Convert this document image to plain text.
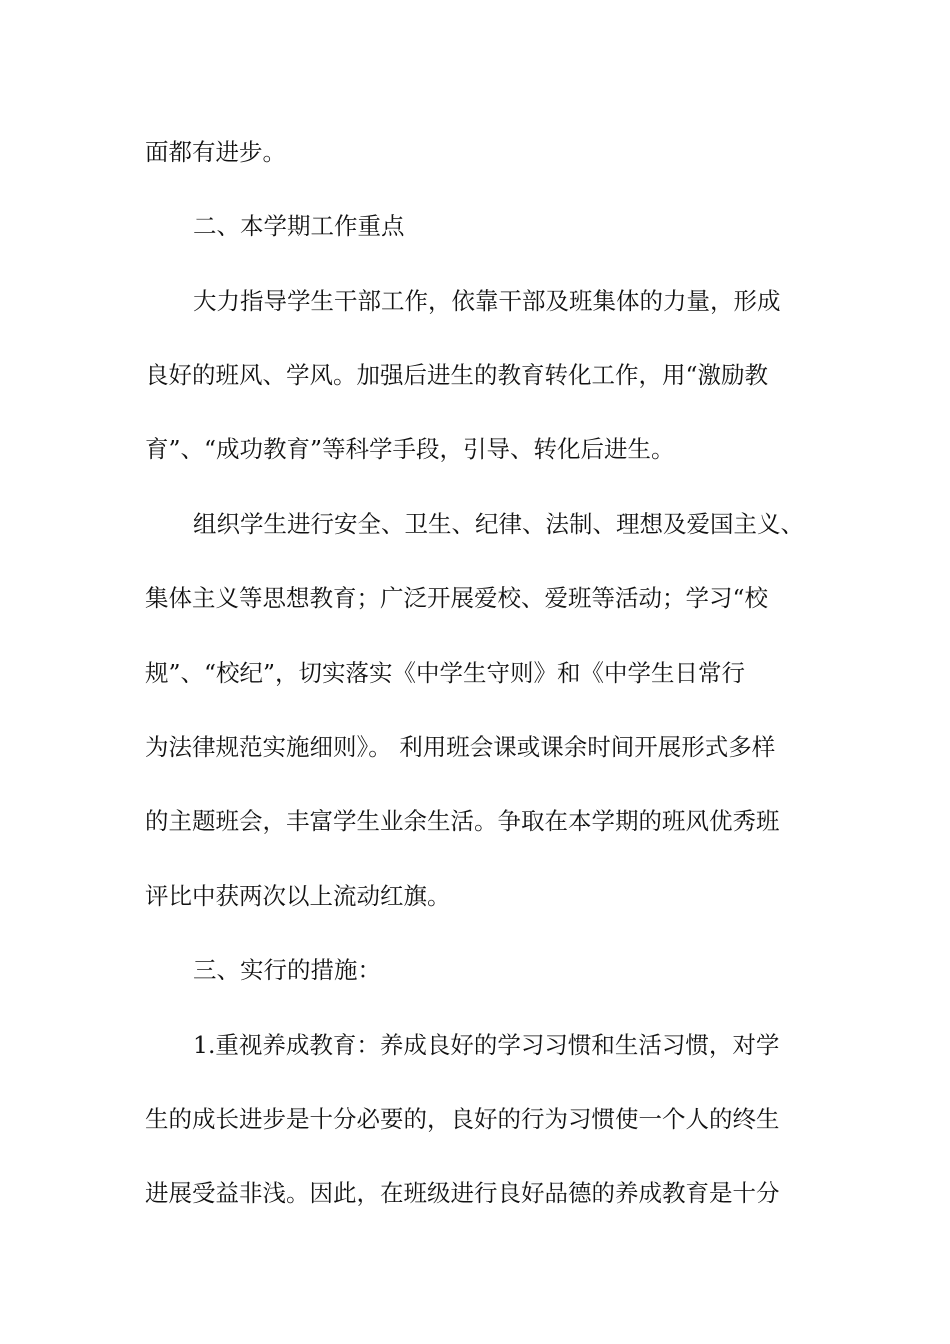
面都有进步。
二、本学期工作重点
大力指导学生干部工作，依靠干部及班集体的力量，形成
良好的班风、学风。加强后进生的教育转化工作，用“激励教
育”、“成功教育”等科学手段，引导、转化后进生。
组织学生进行安全、卫生、纪律、法制、理想及爱国主义、
集体主义等思想教育；广泛开展爱校、爱班等活动；学习“校
规”、“校纪”，切实落实《中学生守则》和《中学生日常行
为法律规范实施细则》。 利用班会课或课余时间开展形式多样
的主题班会，丰富学生业余生活。争取在本学期的班风优秀班
评比中获两次以上流动红旗。
三、实行的措施：
1.重视养成教育：养成良好的学习习惯和生活习惯，对学
生的成长进步是十分必要的，良好的行为习惯使一个人的终生
进展受益非浅。因此，在班级进行良好品德的养成教育是十分
